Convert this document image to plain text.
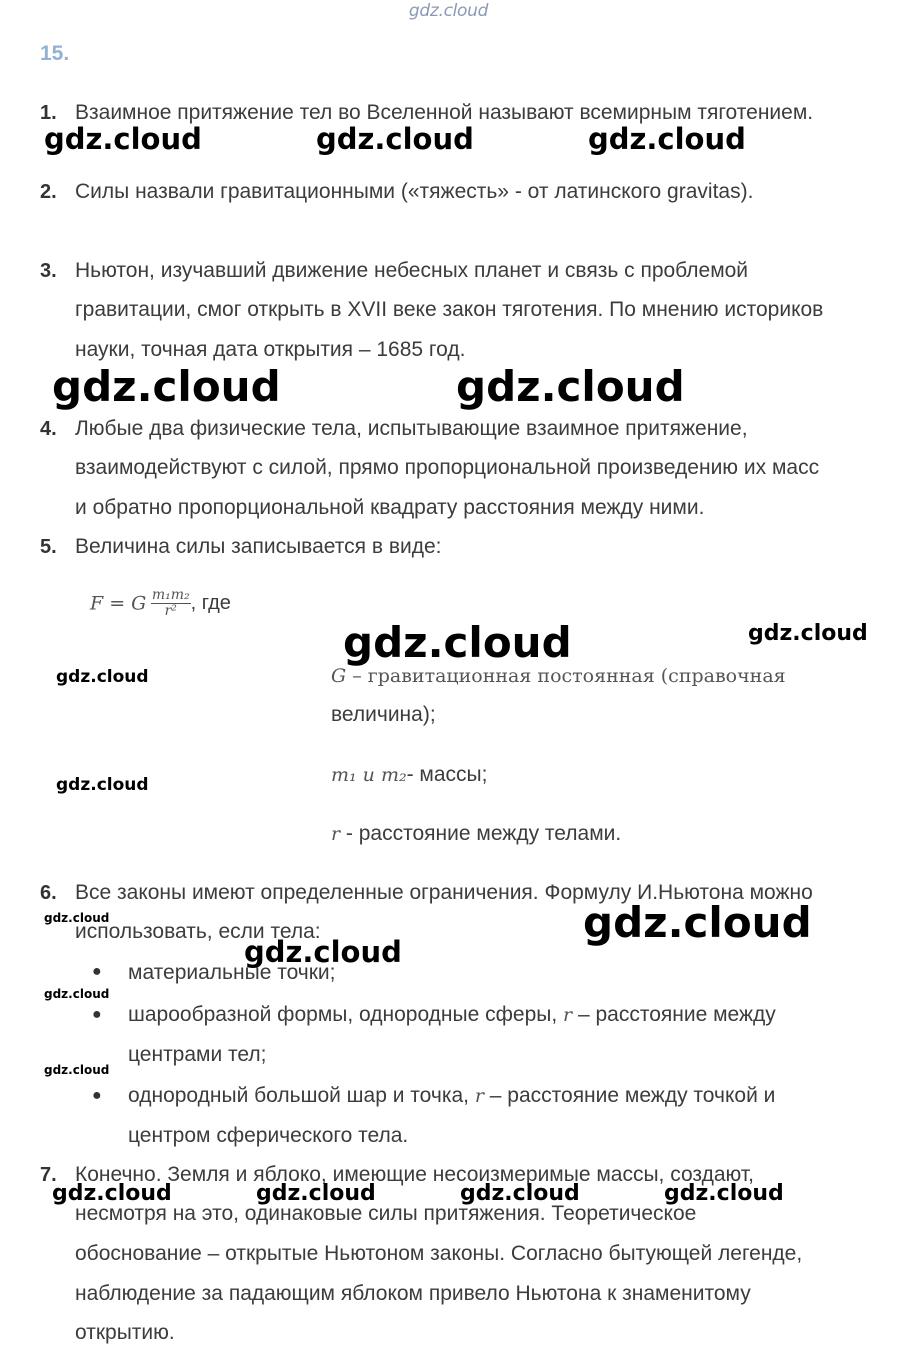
gdz.cloud
15.
1. Взаимное притяжение тел во Вселенной называют всемирным тяготением.
2. Силы назвали гравитационными («тяжесть» - от латинского gravitas).
3. Ньютон, изучавший движение небесных планет и связь с проблемой
гравитации, смог открыть в XVII веке закон тяготения. По мнению историков
науки, точная дата открытия – 1685 год.
4. Любые два физические тела, испытывающие взаимное притяжение,
взаимодействуют с силой, прямо пропорциональной произведению их масс
и обратно пропорциональной квадрату расстояния между ними.
5. Величина силы записывается в виде:
F = G $\frac{\text{m₁m₂}}{\text{r²}}$ , где
G – гравитационная постоянная (справочная
величина);
m₁ и m₂- массы;
r - расстояние между телами.
6. Все законы имеют определенные ограничения. Формулу И.Ньютона можно
использовать, если тела:
● материальные точки;
● шарообразной формы, однородные сферы, r – расстояние между
центрами тел;
● однородный большой шар и точка, r – расстояние между точкой и
центром сферического тела.
7. Конечно. Земля и яблоко, имеющие несоизмеримые массы, создают,
несмотря на это, одинаковые силы притяжения. Теоретическое
обоснование – открытые Ньютоном законы. Согласно бытующей легенде,
наблюдение за падающим яблоком привело Ньютона к знаменитому
открытию.
gdz.cloud	gdz.cloud	gdz.cloud
gdz.cloud	gdz.cloud
gdz.cloud	gdz.cloud
gdz.cloud
gdz.cloud
gdz.cloud
gdz.cloud
gdz.cloud
gdz.cloud
gdz.cloud
gdz.cloud	gdz.cloud	gdz.cloud	gdz.cloud
